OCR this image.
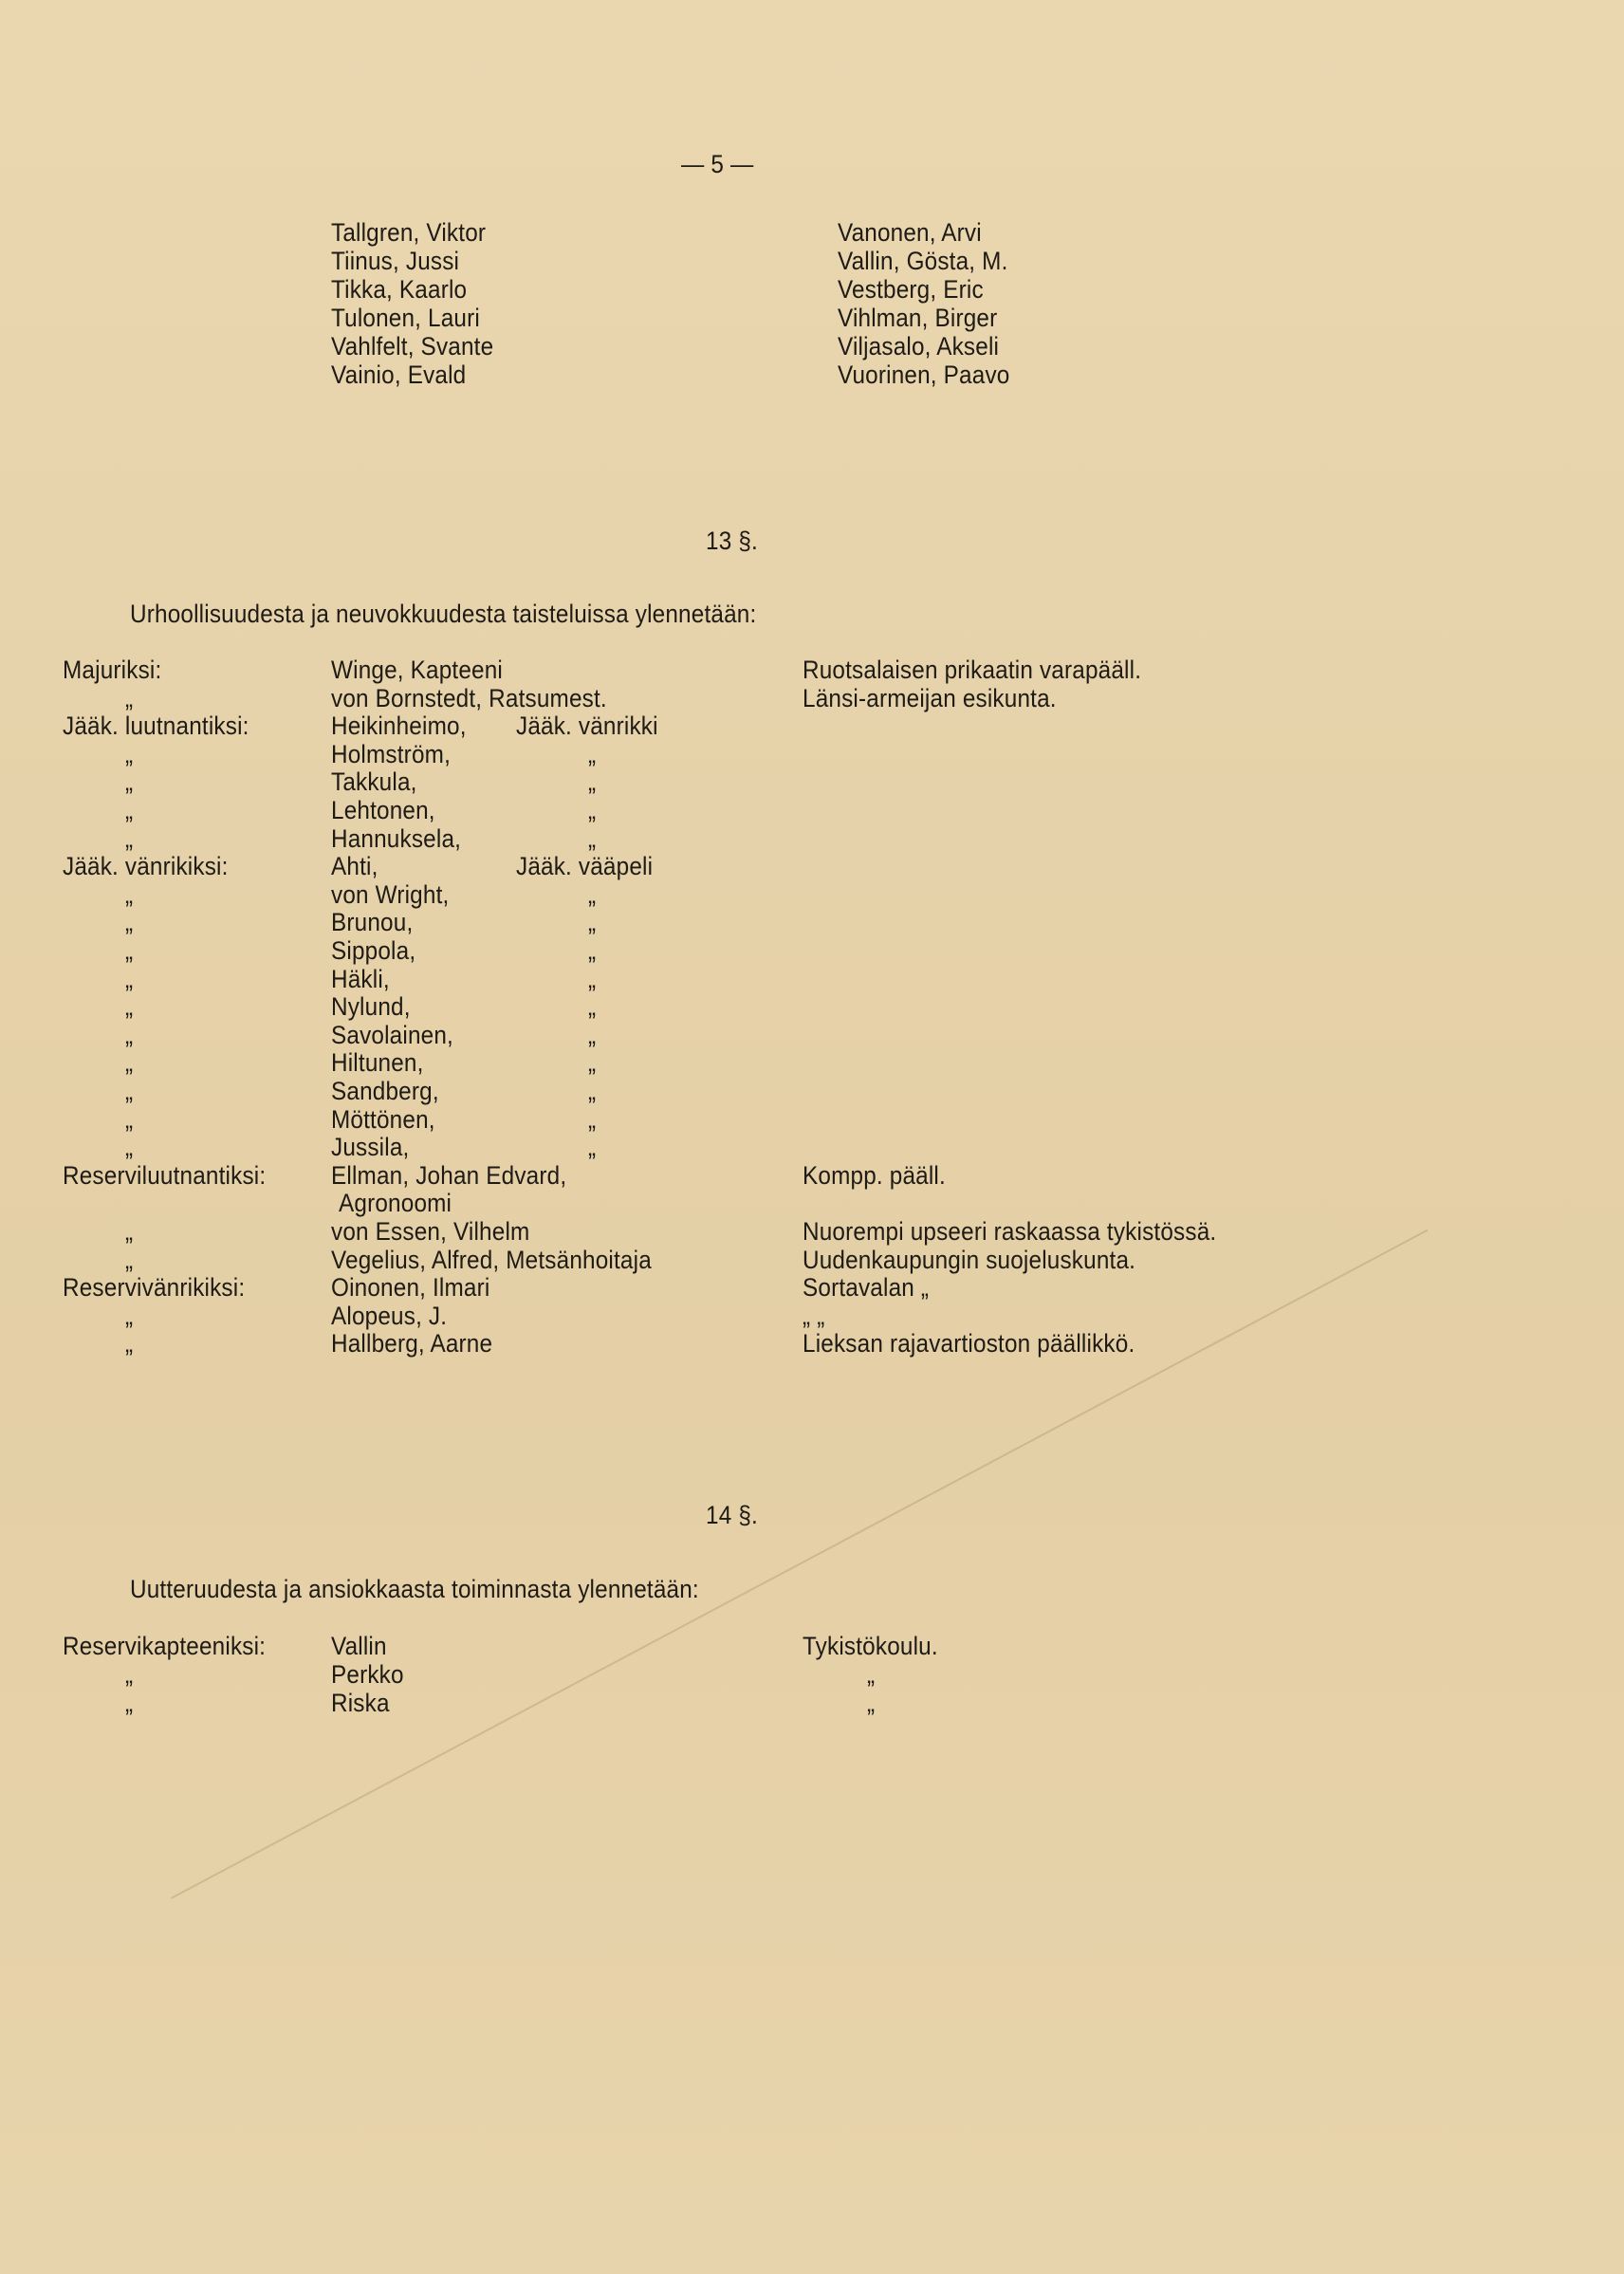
— 5 —
13 §.
Urhoollisuudesta ja neuvokkuudesta taisteluissa ylennetään:
14 §.
Uutteruudesta ja ansiokkaasta toiminnasta ylennetään:
Tallgren, Viktor
Tiinus, Jussi
Tikka, Kaarlo
Tulonen, Lauri
Vahlfelt, Svante
Vainio, Evald
Vanonen, Arvi
Vallin, Gösta, M.
Vestberg, Eric
Vihlman, Birger
Viljasalo, Akseli
Vuorinen, Paavo
Majuriksi:	Winge, Kapteeni	Ruotsalaisen prikaatin varapääll.
„	von Bornstedt, Ratsumest.	Länsi-armeijan esikunta.
Jääk. luutnantiksi:	Heikinheimo, Jääk. vänrikki
„	Holmström,	„
„	Takkula,	„
„	Lehtonen,	„
„	Hannuksela,	„
Jääk. vänrikiksi:	Ahti,	Jääk. vääpeli
„	von Wright,	„
„	Brunou,	„
„	Sippola,	„
„	Häkli,	„
„	Nylund,	„
„	Savolainen,	„
„	Hiltunen,	„
„	Sandberg,	„
„	Möttönen,	„
„	Jussila,	„
Reserviluutnantiksi:	Ellman, Johan Edvard,	Kompp. pääll.
Agronoomi
„	von Essen, Vilhelm	Nuorempi upseeri raskaassa tykistössä.
„	Vegelius, Alfred, Metsänhoitaja	Uudenkaupungin suojeluskunta.
Reservivänrikiksi:	Oinonen, Ilmari	Sortavalan „
„	Alopeus, J.	„ „
„	Hallberg, Aarne	Lieksan rajavartioston päällikkö.
Reservikapteeniksi:	Vallin	Tykistökoulu.
„	Perkko	„
„	Riska	„
